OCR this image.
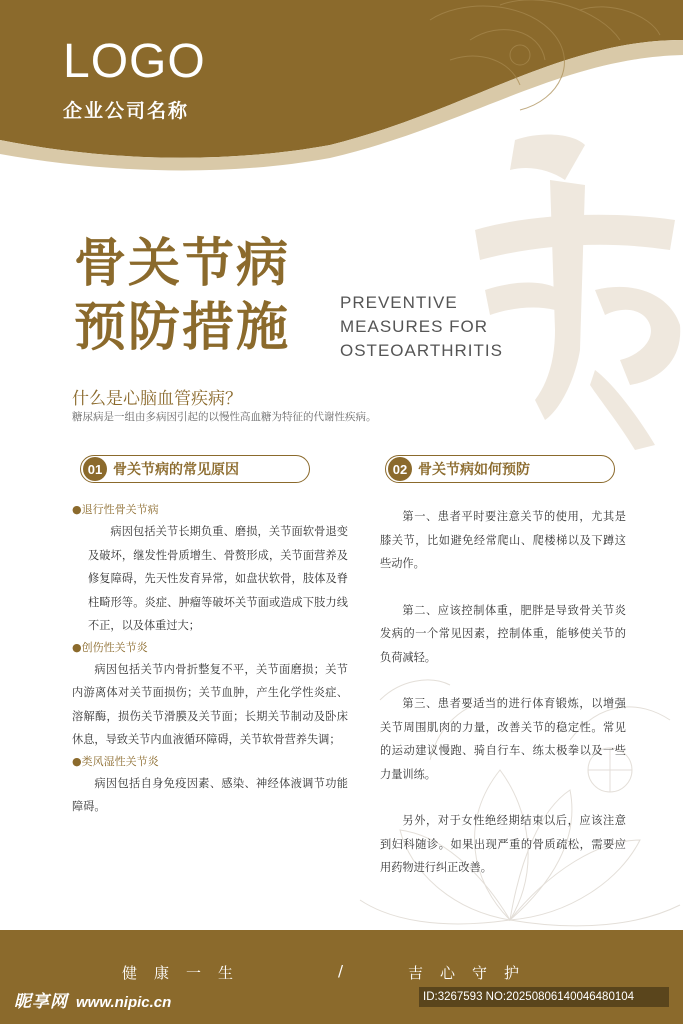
LOGO
企业公司名称
骨关节病
预防措施	PREVENTIVE
MEASURES FOR
OSTEOARTHRITIS
什么是心脑血管疾病？
糖尿病是一组由多病因引起的以慢性高血糖为特征的代谢性疾病。
01 骨关节病的常见原因	02 骨关节病如何预防
●退行性骨关节病
病因包括关节长期负重、磨损，关节面软骨退变及破坏，继发性骨质增生、骨赘形成，关节面营养及修复障碍，先天性发育异常，如盘状软骨，肢体及脊柱畸形等。炎症、肿瘤等破坏关节面或造成下肢力线不正，以及体重过大；
●创伤性关节炎
病因包括关节内骨折整复不平，关节面磨损；关节内游离体对关节面损伤；关节血肿，产生化学性炎症、溶解酶，损伤关节滑膜及关节面；长期关节制动及卧床休息，导致关节内血液循环障碍，关节软骨营养失调；
●类风湿性关节炎
病因包括自身免疫因素、感染、神经体液调节功能障碍。
第一、患者平时要注意关节的使用，尤其是膝关节，比如避免经常爬山、爬楼梯以及下蹲这些动作。
第二、应该控制体重，肥胖是导致骨关节炎发病的一个常见因素，控制体重，能够使关节的负荷减轻。
第三、患者要适当的进行体育锻炼，以增强关节周围肌肉的力量，改善关节的稳定性。常见的运动建议慢跑、骑自行车、练太极拳以及一些力量训练。
另外，对于女性绝经期结束以后，应该注意到妇科随诊。如果出现严重的骨质疏松，需要应用药物进行纠正改善。
健康一生	/	吉心守护
昵享网 www.nipic.cn	ID:3267593 NO:20250806140046480104
